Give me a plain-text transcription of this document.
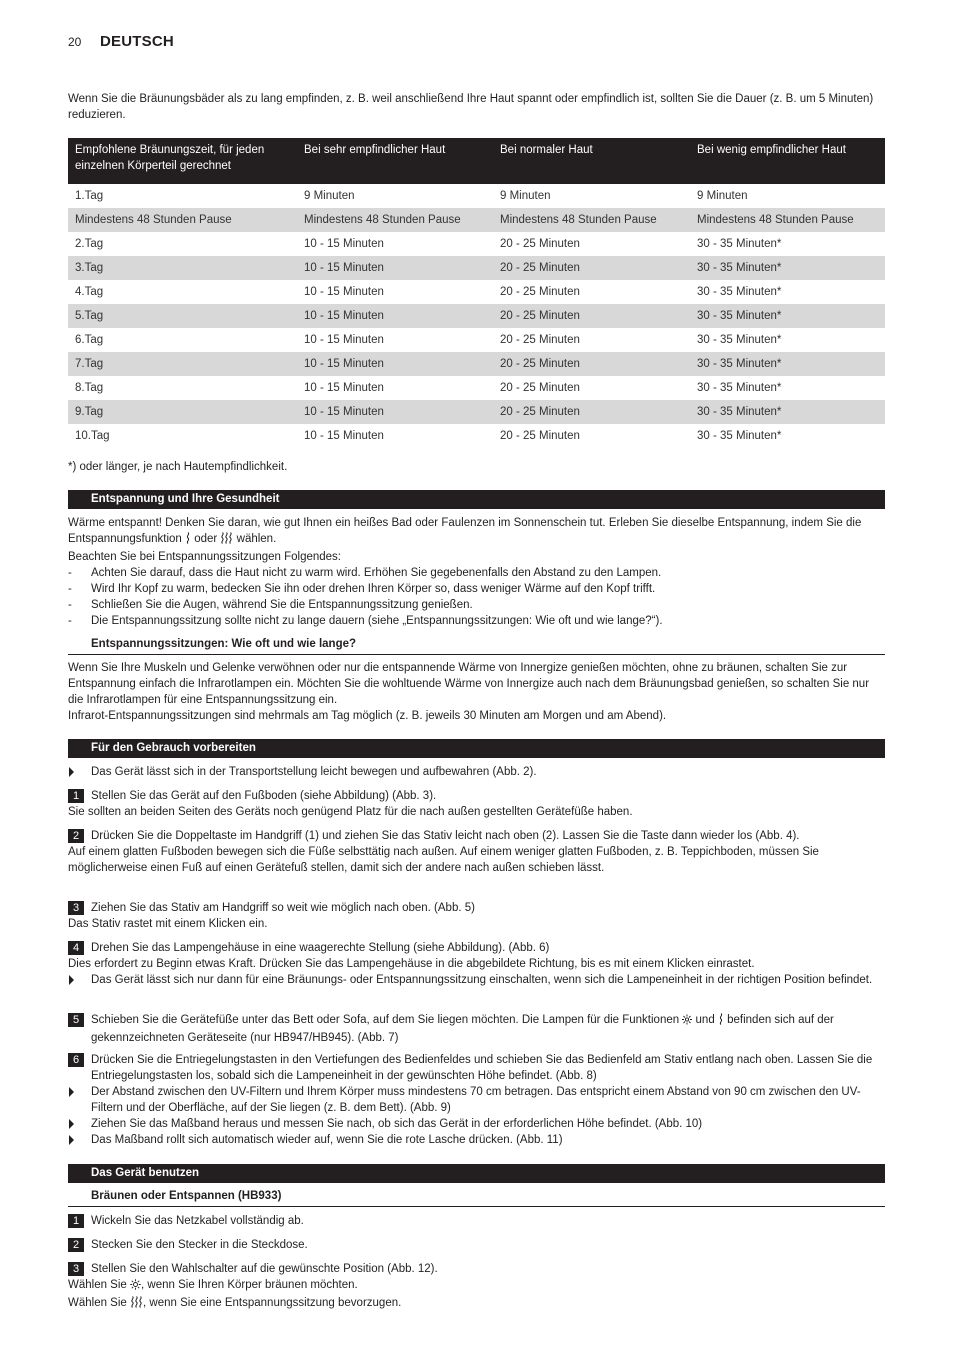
20 DEUTSCH
Wenn Sie die Bräunungsbäder als zu lang empfinden, z. B. weil anschließend Ihre Haut spannt oder empfindlich ist, sollten Sie die Dauer (z. B. um 5 Minuten) reduzieren.
Empfohlene Bräunungszeit, für jeden einzelnen Körperteil gerechnet	Bei sehr empfindlicher Haut	Bei normaler Haut	Bei wenig empfindlicher Haut
1.Tag	9 Minuten	9 Minuten	9 Minuten
Mindestens 48 Stunden Pause	Mindestens 48 Stunden Pause	Mindestens 48 Stunden Pause	Mindestens 48 Stunden Pause
2.Tag	10 - 15 Minuten	20 - 25 Minuten	30 - 35 Minuten*
3.Tag	10 - 15 Minuten	20 - 25 Minuten	30 - 35 Minuten*
4.Tag	10 - 15 Minuten	20 - 25 Minuten	30 - 35 Minuten*
5.Tag	10 - 15 Minuten	20 - 25 Minuten	30 - 35 Minuten*
6.Tag	10 - 15 Minuten	20 - 25 Minuten	30 - 35 Minuten*
7.Tag	10 - 15 Minuten	20 - 25 Minuten	30 - 35 Minuten*
8.Tag	10 - 15 Minuten	20 - 25 Minuten	30 - 35 Minuten*
9.Tag	10 - 15 Minuten	20 - 25 Minuten	30 - 35 Minuten*
10.Tag	10 - 15 Minuten	20 - 25 Minuten	30 - 35 Minuten*
*) oder länger, je nach Hautempfindlichkeit.
Entspannung und Ihre Gesundheit
Wärme entspannt! Denken Sie daran, wie gut Ihnen ein heißes Bad oder Faulenzen im Sonnenschein tut. Erleben Sie dieselbe Entspannung, indem Sie die Entspannungsfunktion  oder  wählen.
Beachten Sie bei Entspannungssitzungen Folgendes:
-
Achten Sie darauf, dass die Haut nicht zu warm wird. Erhöhen Sie gegebenenfalls den Abstand zu den Lampen.
-
Wird Ihr Kopf zu warm, bedecken Sie ihn oder drehen Ihren Körper so, dass weniger Wärme auf den Kopf trifft.
-
Schließen Sie die Augen, während Sie die Entspannungssitzung genießen.
-
Die Entspannungssitzung sollte nicht zu lange dauern (siehe „Entspannungssitzungen: Wie oft und wie lange?“).
Entspannungssitzungen: Wie oft und wie lange?
Wenn Sie Ihre Muskeln und Gelenke verwöhnen oder nur die entspannende Wärme von Innergize genießen möchten, ohne zu bräunen, schalten Sie zur Entspannung einfach die Infrarotlampen ein. Möchten Sie die wohltuende Wärme von Innergize auch nach dem Bräunungsbad genießen, so schalten Sie nur die Infrarotlampen für eine Entspannungssitzung ein.
Infrarot-Entspannungssitzungen sind mehrmals am Tag möglich (z. B. jeweils 30 Minuten am Morgen und am Abend).
Für den Gebrauch vorbereiten
Das Gerät lässt sich in der Transportstellung leicht bewegen und aufbewahren (Abb. 2).
1	Stellen Sie das Gerät auf den Fußboden (siehe Abbildung) (Abb. 3).
Sie sollten an beiden Seiten des Geräts noch genügend Platz für die nach außen gestellten Gerätefüße haben.
2	Drücken Sie die Doppeltaste im Handgriff (1) und ziehen Sie das Stativ leicht nach oben (2). Lassen Sie die Taste dann wieder los (Abb. 4).
Auf einem glatten Fußboden bewegen sich die Füße selbsttätig nach außen. Auf einem weniger glatten Fußboden, z. B. Teppichboden, müssen Sie möglicherweise einen Fuß auf einen Gerätefuß stellen, damit sich der andere nach außen schieben lässt.
3	Ziehen Sie das Stativ am Handgriff so weit wie möglich nach oben. (Abb. 5)
Das Stativ rastet mit einem Klicken ein.
4	Drehen Sie das Lampengehäuse in eine waagerechte Stellung (siehe Abbildung). (Abb. 6)
Dies erfordert zu Beginn etwas Kraft. Drücken Sie das Lampengehäuse in die abgebildete Richtung, bis es mit einem Klicken einrastet.
Das Gerät lässt sich nur dann für eine Bräunungs- oder Entspannungssitzung einschalten, wenn sich die Lampeneinheit in der richtigen Position befindet.
5	Schieben Sie die Gerätefüße unter das Bett oder Sofa, auf dem Sie liegen möchten. Die Lampen für die Funktionen  und  befinden sich auf der gekennzeichneten Geräteseite (nur HB947/HB945). (Abb. 7)
6	Drücken Sie die Entriegelungstasten in den Vertiefungen des Bedienfeldes und schieben Sie das Bedienfeld am Stativ entlang nach oben. Lassen Sie die Entriegelungstasten los, sobald sich die Lampeneinheit in der gewünschten Höhe befindet. (Abb. 8)
Der Abstand zwischen den UV-Filtern und Ihrem Körper muss mindestens 70 cm betragen. Das entspricht einem Abstand von 90 cm zwischen den UV-Filtern und der Oberfläche, auf der Sie liegen (z. B. dem Bett). (Abb. 9)
Ziehen Sie das Maßband heraus und messen Sie nach, ob sich das Gerät in der erforderlichen Höhe befindet. (Abb. 10)
Das Maßband rollt sich automatisch wieder auf, wenn Sie die rote Lasche drücken. (Abb. 11)
Das Gerät benutzen
Bräunen oder Entspannen (HB933)
1	Wickeln Sie das Netzkabel vollständig ab.
2	Stecken Sie den Stecker in die Steckdose.
3	Stellen Sie den Wahlschalter auf die gewünschte Position (Abb. 12).
Wählen Sie , wenn Sie Ihren Körper bräunen möchten.
Wählen Sie , wenn Sie eine Entspannungssitzung bevorzugen.
